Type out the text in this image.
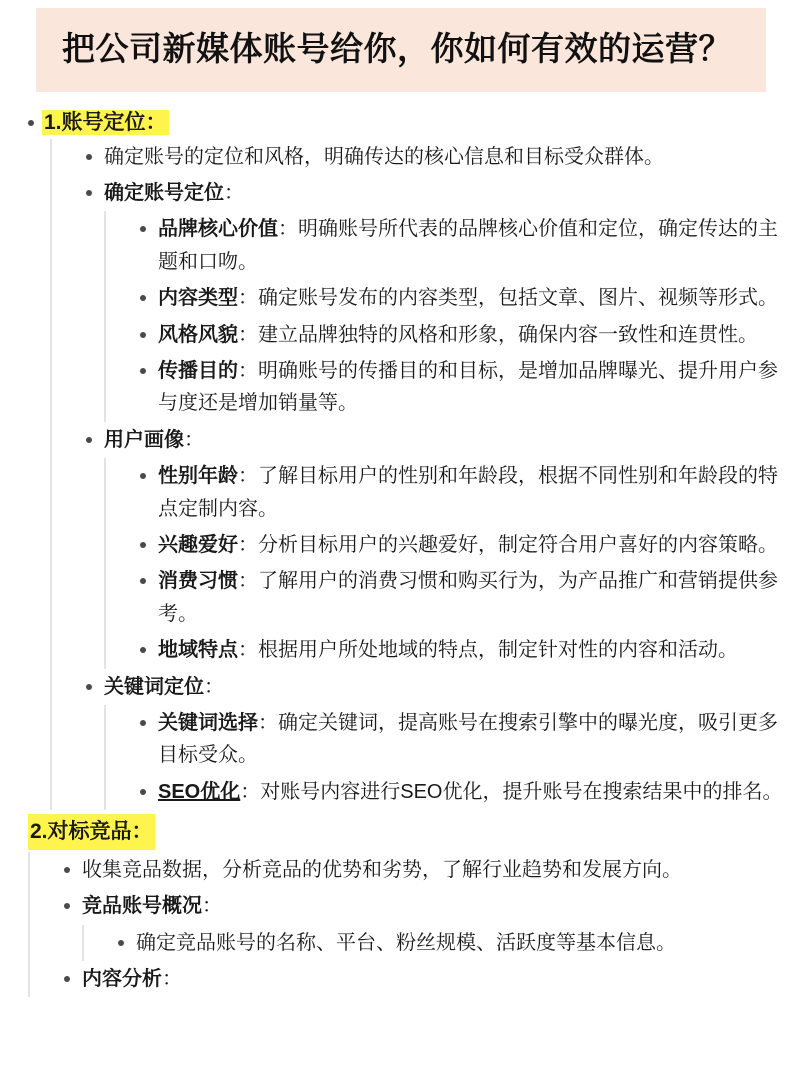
把公司新媒体账号给你，你如何有效的运营？
1.账号定位：
确定账号的定位和风格，明确传达的核心信息和目标受众群体。
确定账号定位：
品牌核心价值：明确账号所代表的品牌核心价值和定位，确定传达的主题和口吻。
内容类型：确定账号发布的内容类型，包括文章、图片、视频等形式。
风格风貌：建立品牌独特的风格和形象，确保内容一致性和连贯性。
传播目的：明确账号的传播目的和目标，是增加品牌曝光、提升用户参与度还是增加销量等。
用户画像：
性别年龄：了解目标用户的性别和年龄段，根据不同性别和年龄段的特点定制内容。
兴趣爱好：分析目标用户的兴趣爱好，制定符合用户喜好的内容策略。
消费习惯：了解用户的消费习惯和购买行为，为产品推广和营销提供参考。
地域特点：根据用户所处地域的特点，制定针对性的内容和活动。
关键词定位：
关键词选择：确定关键词，提高账号在搜索引擎中的曝光度，吸引更多目标受众。
SEO优化：对账号内容进行SEO优化，提升账号在搜索结果中的排名。
2.对标竞品：
收集竞品数据，分析竞品的优势和劣势，了解行业趋势和发展方向。
竞品账号概况：
确定竞品账号的名称、平台、粉丝规模、活跃度等基本信息。
内容分析：
